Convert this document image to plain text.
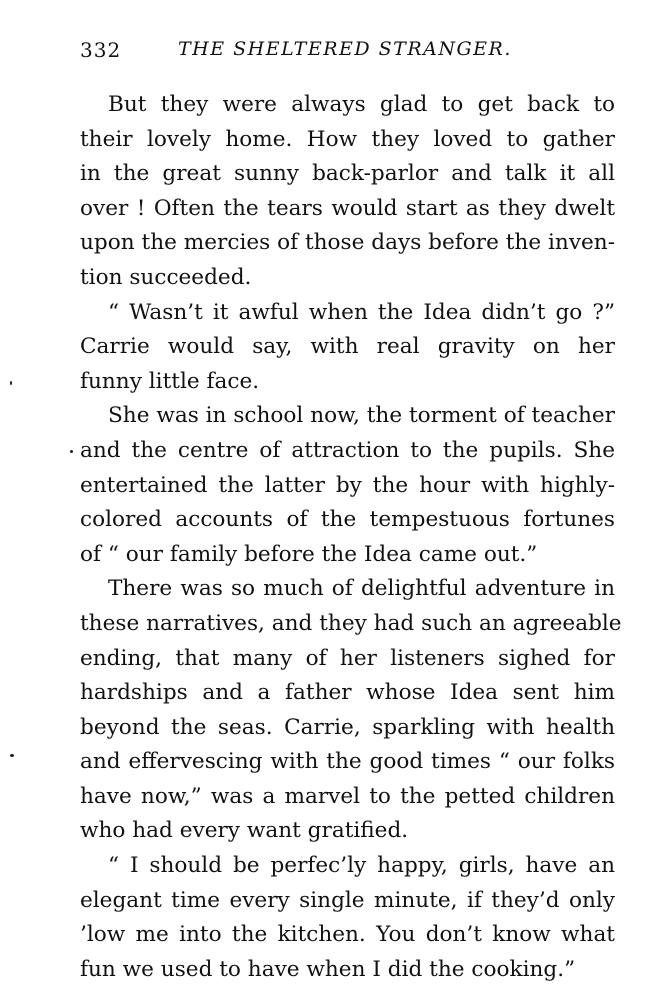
332	THE SHELTERED STRANGER.

But they were always glad to get back to
their lovely home. How they loved to gather
in the great sunny back-parlor and talk it all
over ! Often the tears would start as they dwelt
upon the mercies of those days before the inven-
tion succeeded.

“ Wasn’t it awful when the Idea didn’t go ?”
Carrie would say, with real gravity on her
funny little face.

She was in school now, the torment of teacher
and the centre of attraction to the pupils. She
entertained the latter by the hour with highly-
colored accounts of the tempestuous fortunes
of “ our family before the Idea came out.”

There was so much of delightful adventure in
these narratives, and they had such an agreeable
ending, that many of her listeners sighed for
hardships and a father whose Idea sent him
beyond the seas. Carrie, sparkling with health
and effervescing with the good times “ our folks
have now,” was a marvel to the petted children
who had every want gratified.

“ I should be perfec’ly happy, girls, have an
elegant time every single minute, if they’d only
’low me into the kitchen. You don’t know what
fun we used to have when I did the cooking.”
